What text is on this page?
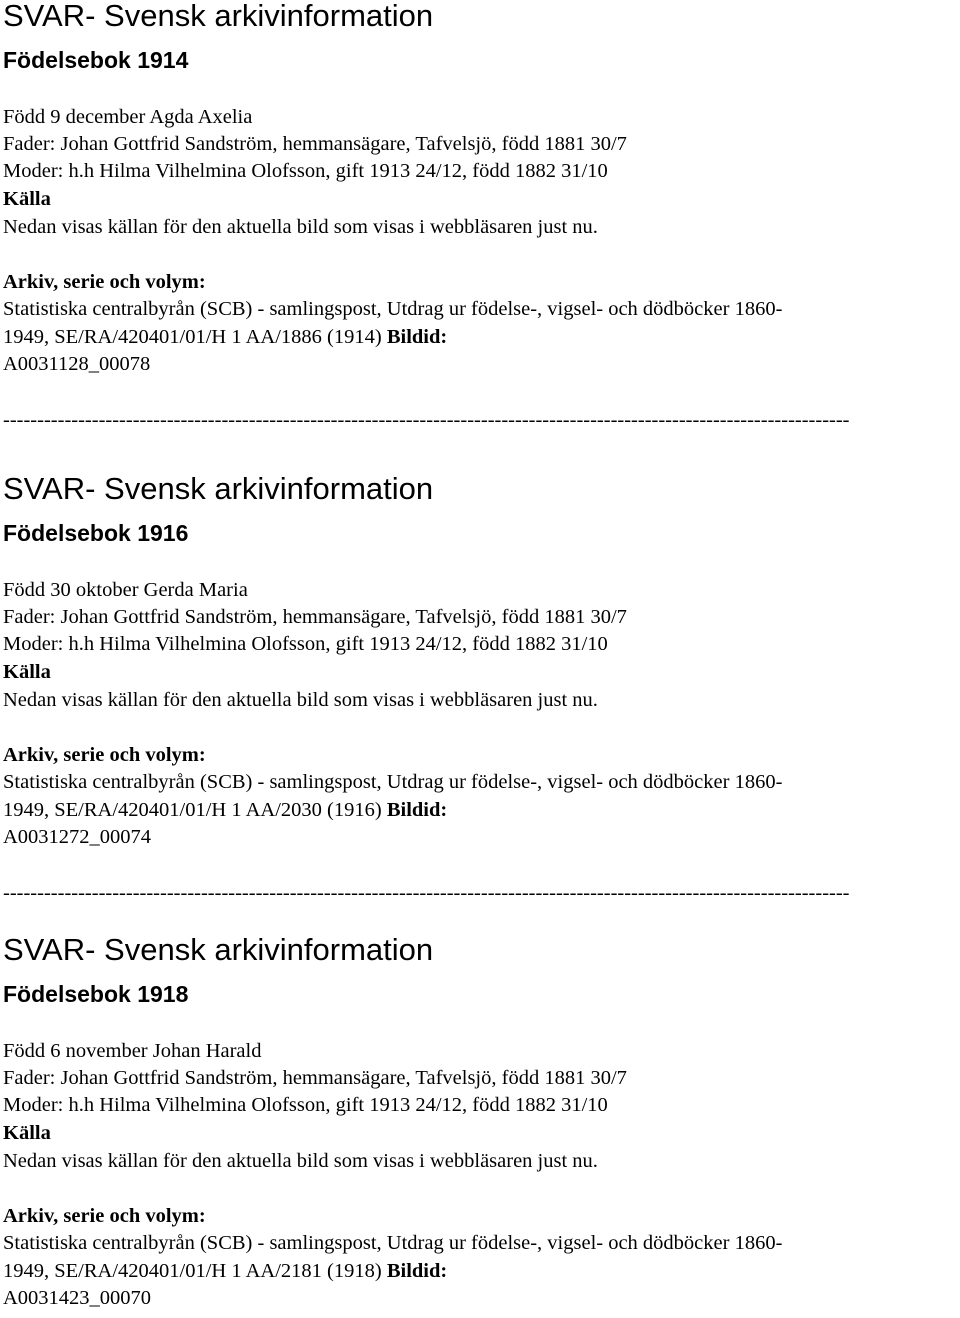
SVAR- Svensk arkivinformation
Födelsebok 1914
Född 9 december Agda Axelia
Fader: Johan Gottfrid Sandström, hemmansägare, Tafvelsjö, född 1881 30/7
Moder: h.h Hilma Vilhelmina Olofsson, gift 1913 24/12, född 1882 31/10
Källa
Nedan visas källan för den aktuella bild som visas i webbläsaren just nu.
Arkiv, serie och volym:
Statistiska centralbyrån (SCB) - samlingspost, Utdrag ur födelse-, vigsel- och dödböcker 1860-
1949, SE/RA/420401/01/H 1 AA/1886 (1914) Bildid:
A0031128_00078
----------------------------------------------------------------------------------------------------------------------------
SVAR- Svensk arkivinformation
Födelsebok 1916
Född 30 oktober Gerda Maria
Fader: Johan Gottfrid Sandström, hemmansägare, Tafvelsjö, född 1881 30/7
Moder: h.h Hilma Vilhelmina Olofsson, gift 1913 24/12, född 1882 31/10
Källa
Nedan visas källan för den aktuella bild som visas i webbläsaren just nu.
Arkiv, serie och volym:
Statistiska centralbyrån (SCB) - samlingspost, Utdrag ur födelse-, vigsel- och dödböcker 1860-
1949, SE/RA/420401/01/H 1 AA/2030 (1916) Bildid:
A0031272_00074
----------------------------------------------------------------------------------------------------------------------------
SVAR- Svensk arkivinformation
Födelsebok 1918
Född 6 november Johan Harald
Fader: Johan Gottfrid Sandström, hemmansägare, Tafvelsjö, född 1881 30/7
Moder: h.h Hilma Vilhelmina Olofsson, gift 1913 24/12, född 1882 31/10
Källa
Nedan visas källan för den aktuella bild som visas i webbläsaren just nu.
Arkiv, serie och volym:
Statistiska centralbyrån (SCB) - samlingspost, Utdrag ur födelse-, vigsel- och dödböcker 1860-
1949, SE/RA/420401/01/H 1 AA/2181 (1918) Bildid:
A0031423_00070
